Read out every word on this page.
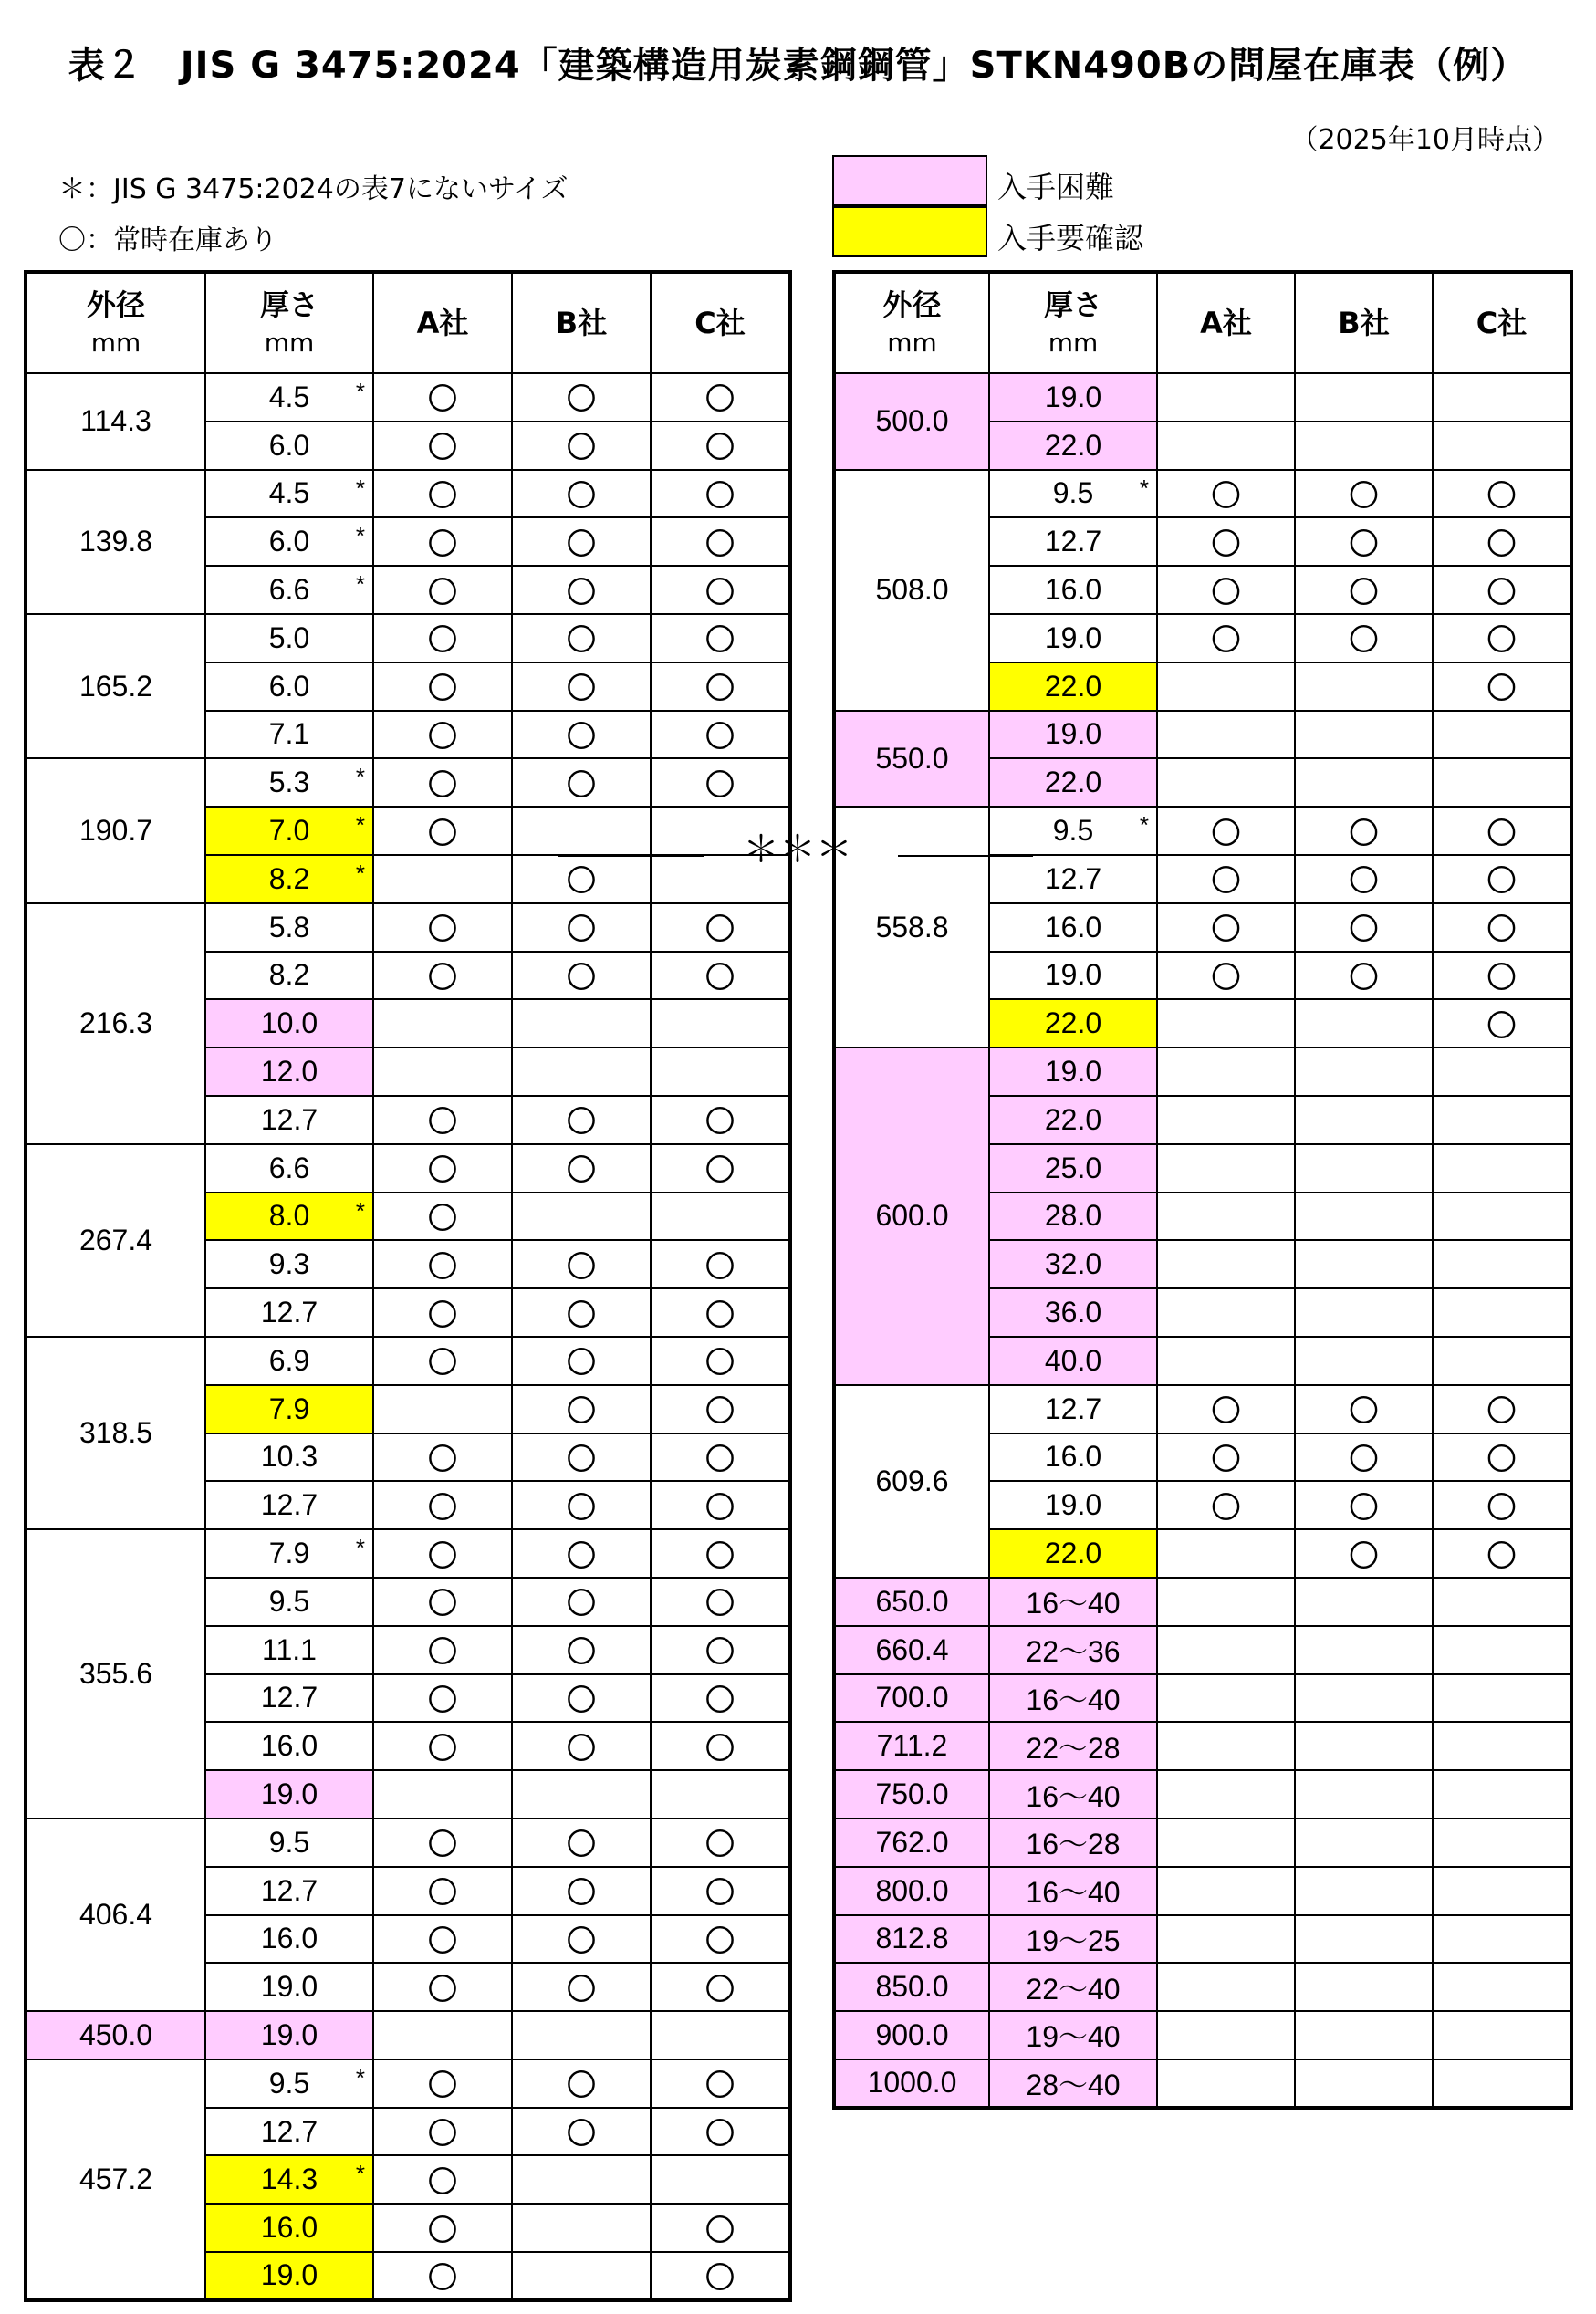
表２　JIS G 3475:2024「建築構造用炭素鋼鋼管」STKN490Bの問屋在庫表（例）
（2025年10月時点）
＊：JIS G 3475:2024の表7にないサイズ
〇：常時在庫あり
入手困難
入手要確認
外径
mm	厚さ
mm	A社	B社	C社
114.3	4.5 *	〇	〇	〇
	6.0	〇	〇	〇
139.8	4.5 *	〇	〇	〇
	6.0 *	〇	〇	〇
	6.6 *	〇	〇	〇
165.2	5.0	〇	〇	〇
	6.0	〇	〇	〇
	7.1	〇	〇	〇
190.7	5.3 *	〇	〇	〇
	7.0 *	〇		
	8.2 *		〇	
216.3	5.8	〇	〇	〇
	8.2	〇	〇	〇
	10.0			
	12.0			
	12.7	〇	〇	〇
267.4	6.6	〇	〇	〇
	8.0 *	〇		
	9.3	〇	〇	〇
	12.7	〇	〇	〇
318.5	6.9	〇	〇	〇
	7.9		〇	〇
	10.3	〇	〇	〇
	12.7	〇	〇	〇
355.6	7.9 *	〇	〇	〇
	9.5	〇	〇	〇
	11.1	〇	〇	〇
	12.7	〇	〇	〇
	16.0	〇	〇	〇
	19.0			
406.4	9.5	〇	〇	〇
	12.7	〇	〇	〇
	16.0	〇	〇	〇
	19.0	〇	〇	〇
450.0	19.0			
457.2	9.5 *	〇	〇	〇
	12.7	〇	〇	〇
	14.3 *	〇		
	16.0	〇		〇
	19.0	〇		〇
外径
mm	厚さ
mm	A社	B社	C社
500.0	19.0			
	22.0			
508.0	9.5 *	〇	〇	〇
	12.7	〇	〇	〇
	16.0	〇	〇	〇
	19.0	〇	〇	〇
	22.0			〇
550.0	19.0			
	22.0			
558.8	9.5 *	〇	〇	〇
	12.7	〇	〇	〇
	16.0	〇	〇	〇
	19.0	〇	〇	〇
	22.0			〇
600.0	19.0			
	22.0			
	25.0			
	28.0			
	32.0			
	36.0			
	40.0			
609.6	12.7	〇	〇	〇
	16.0	〇	〇	〇
	19.0	〇	〇	〇
	22.0		〇	〇
650.0	16～40			
660.4	22～36			
700.0	16～40			
711.2	22～28			
750.0	16～40			
762.0	16～28			
800.0	16～40			
812.8	19～25			
850.0	22～40			
900.0	19～40			
1000.0	28～40			
＊＊＊
